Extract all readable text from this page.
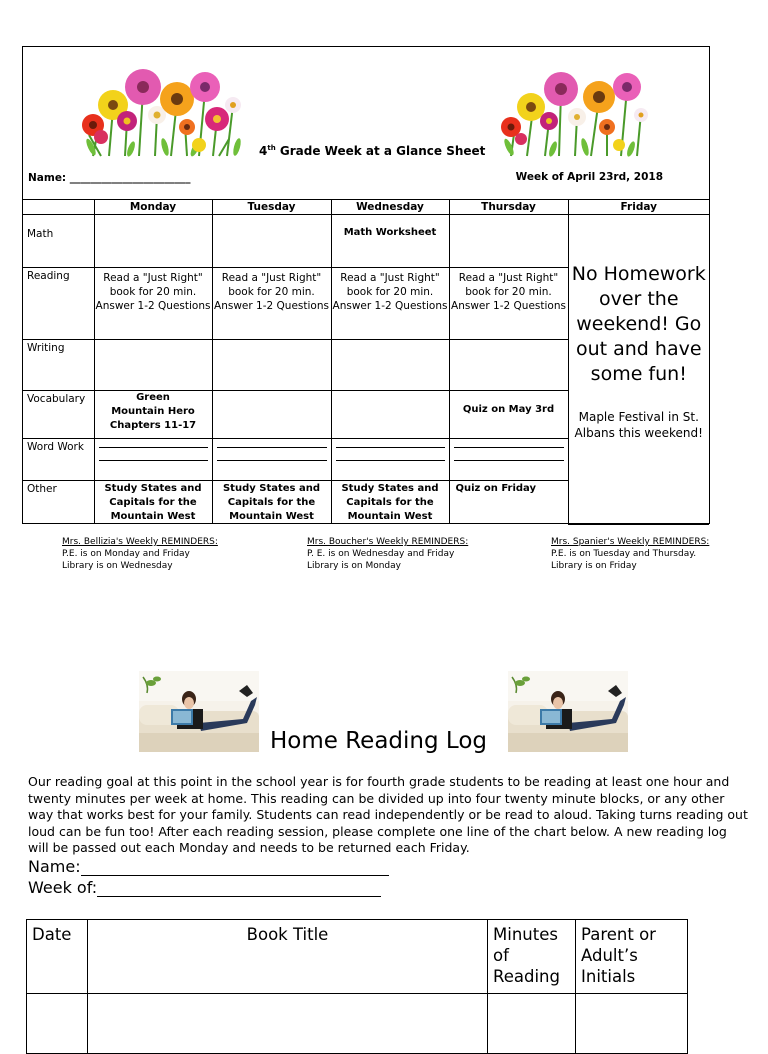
4th Grade Week at a Glance Sheet
Name: _______________________	Week of April 23rd, 2018
	Monday	Tuesday	Wednesday	Thursday	Friday
Math			Math Worksheet		No Homework over the weekend! Go out and have some fun!
Maple Festival in St. Albans this weekend!

Reading	Read a "Just Right" book for 20 min. Answer 1-2 Questions	Read a "Just Right" book for 20 min. Answer 1-2 Questions	Read a "Just Right" book for 20 min. Answer 1-2 Questions	Read a "Just Right" book for 20 min. Answer 1-2 Questions	

Writing					
Vocabulary	Green Mountain Hero Chapters 11-17			Quiz on May 3rd	

Word Work		

Other	Study States and Capitals for the Mountain West	Study States and Capitals for the Mountain West	Study States and Capitals for the Mountain West	Quiz on Friday	
Mrs. Bellizia's Weekly REMINDERS:
P.E. is on Monday and Friday
Library is on Wednesday
Mrs. Boucher's Weekly REMINDERS:
P. E. is on Wednesday and Friday
Library is on Monday
Mrs. Spanier's Weekly REMINDERS:
P.E. is on Tuesday and Thursday.
Library is on Friday
Home Reading Log
Our reading goal at this point in the school year is for fourth grade students to be reading at least one hour and twenty minutes per week at home. This reading can be divided up into four twenty minute blocks, or any other way that works best for your family. Students can read independently or be read to aloud. Taking turns reading out loud can be fun too! After each reading session, please complete one line of the chart below. A new reading log will be passed out each Monday and needs to be returned each Friday.
Name:
Week of:
Date	Book Title	Minutes of Reading	Parent or Adult’s Initials
